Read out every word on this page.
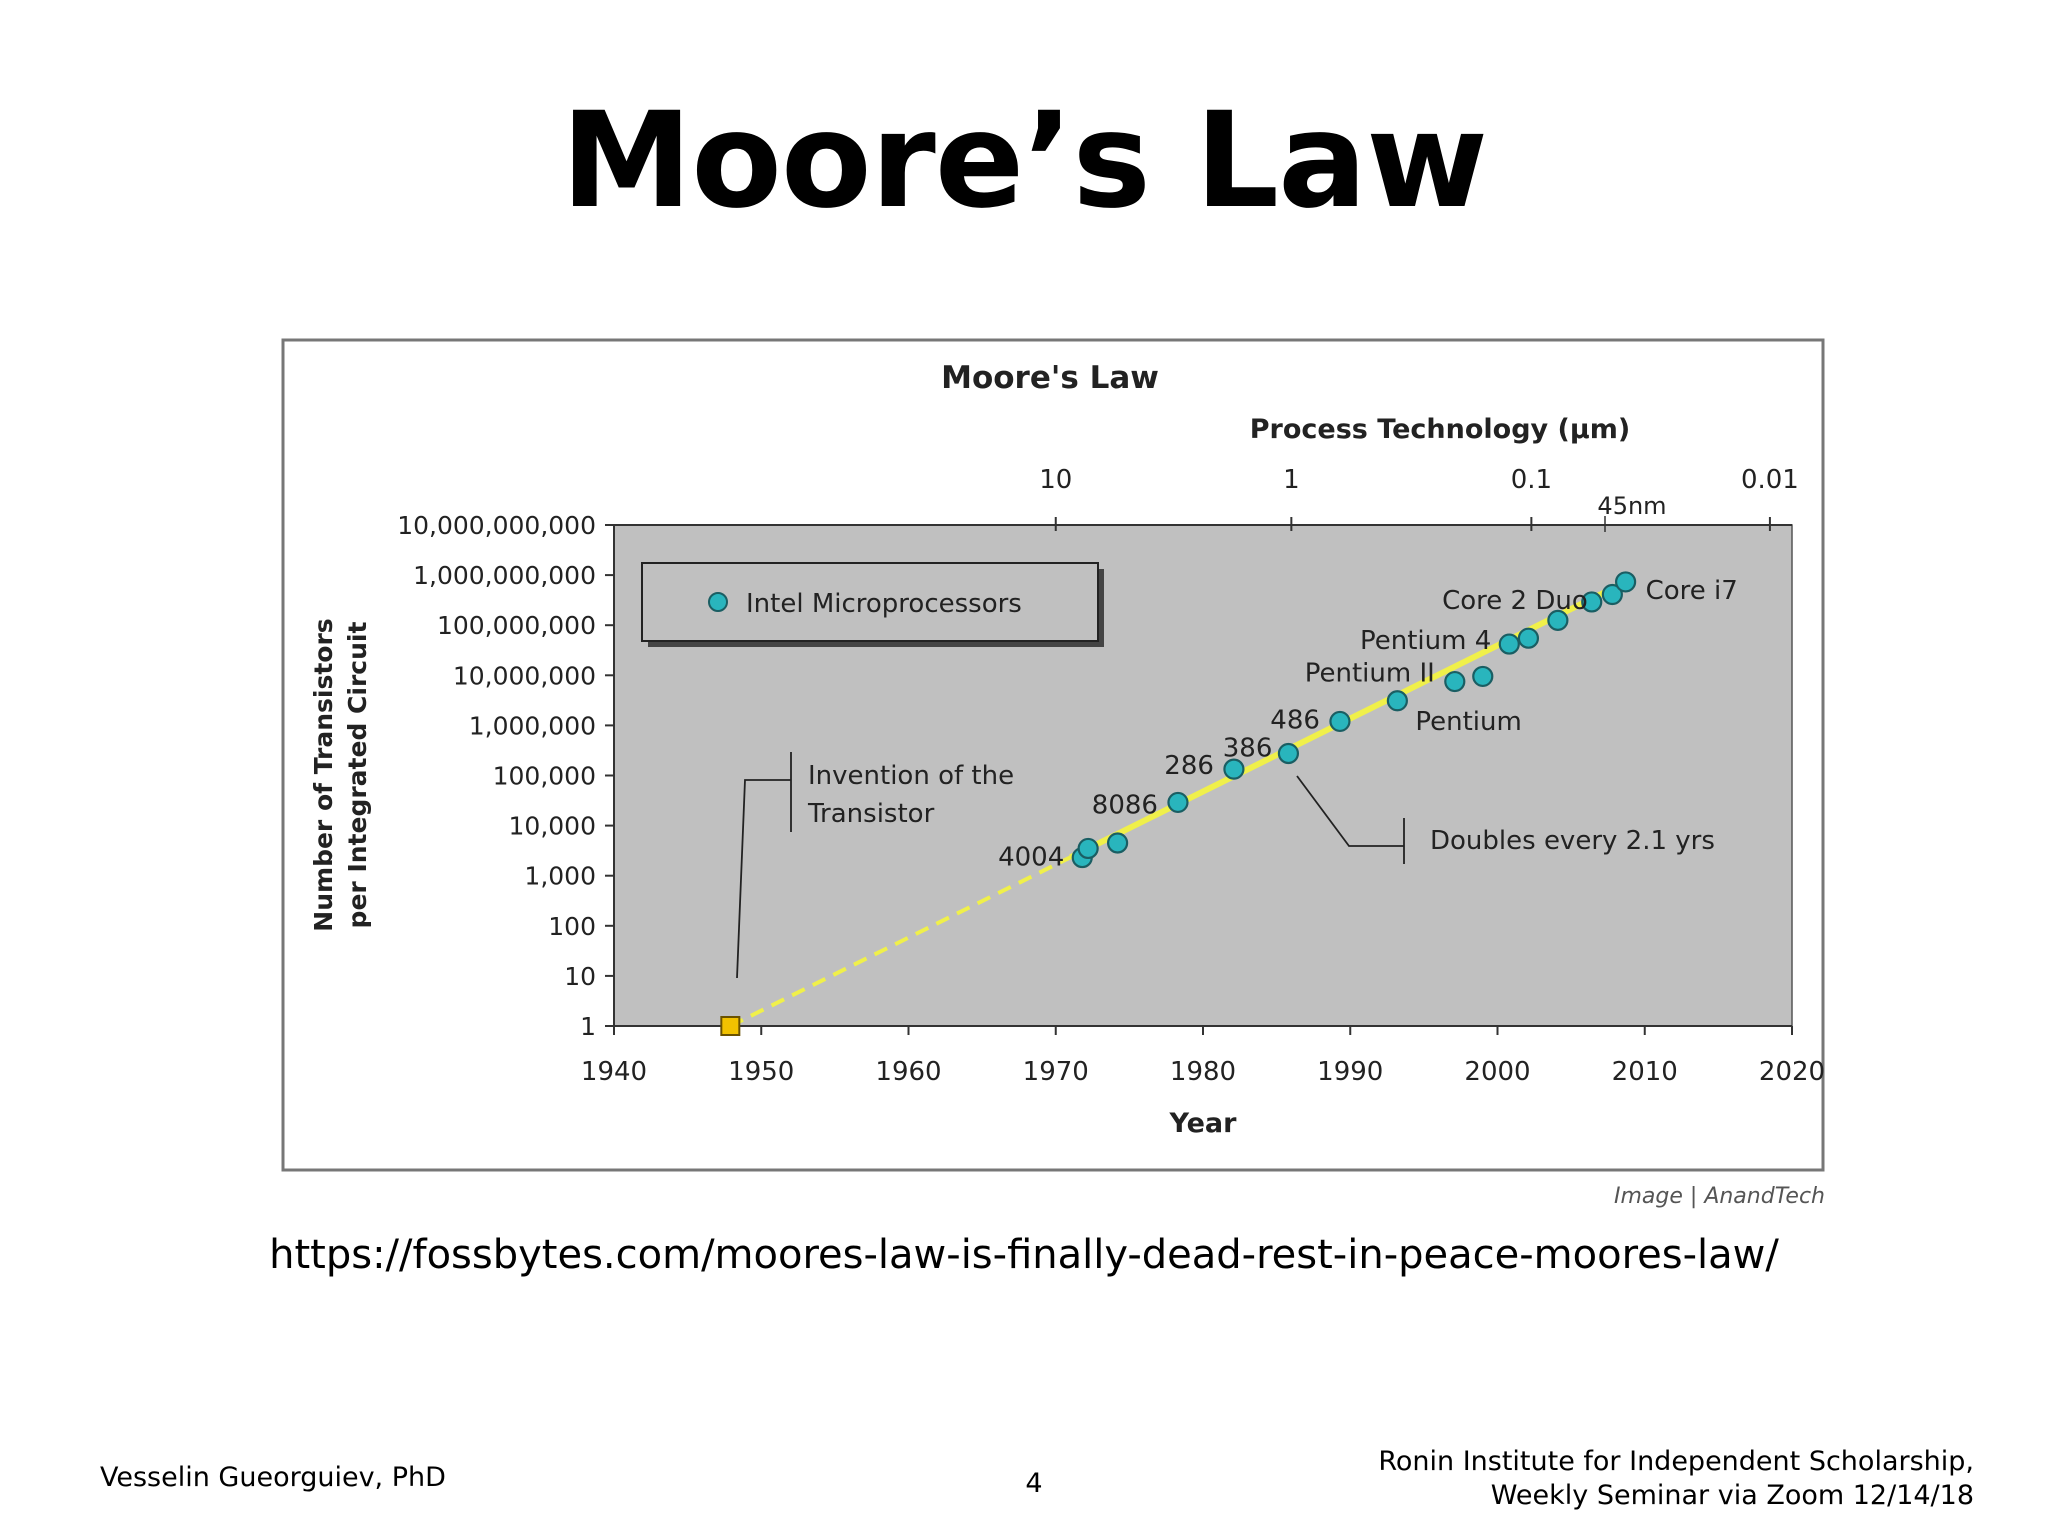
Moore’s Law
Moore's Law
1
10
100
1,000
10,000
100,000
1,000,000
10,000,000
100,000,000
1,000,000,000
10,000,000,000
1940	1950	1960	1970	1980	1990	2000	2010	2020
Year
Number of Transistors per Integrated Circuit
Process Technology (µm)
10	1	0.1	0.01
45nm
Intel Microprocessors
Invention of the
Transistor
Doubles every 2.1 yrs
4004
8086
286
386
486	Pentium
Pentium II
Pentium 4
Core 2 Duo Core i7
Image | AnandTech
https://fossbytes.com/moores-law-is-finally-dead-rest-in-peace-moores-law/
Vesselin Gueorguiev, PhD	4
Ronin Institute for Independent Scholarship,
Weekly Seminar via Zoom 12/14/18
